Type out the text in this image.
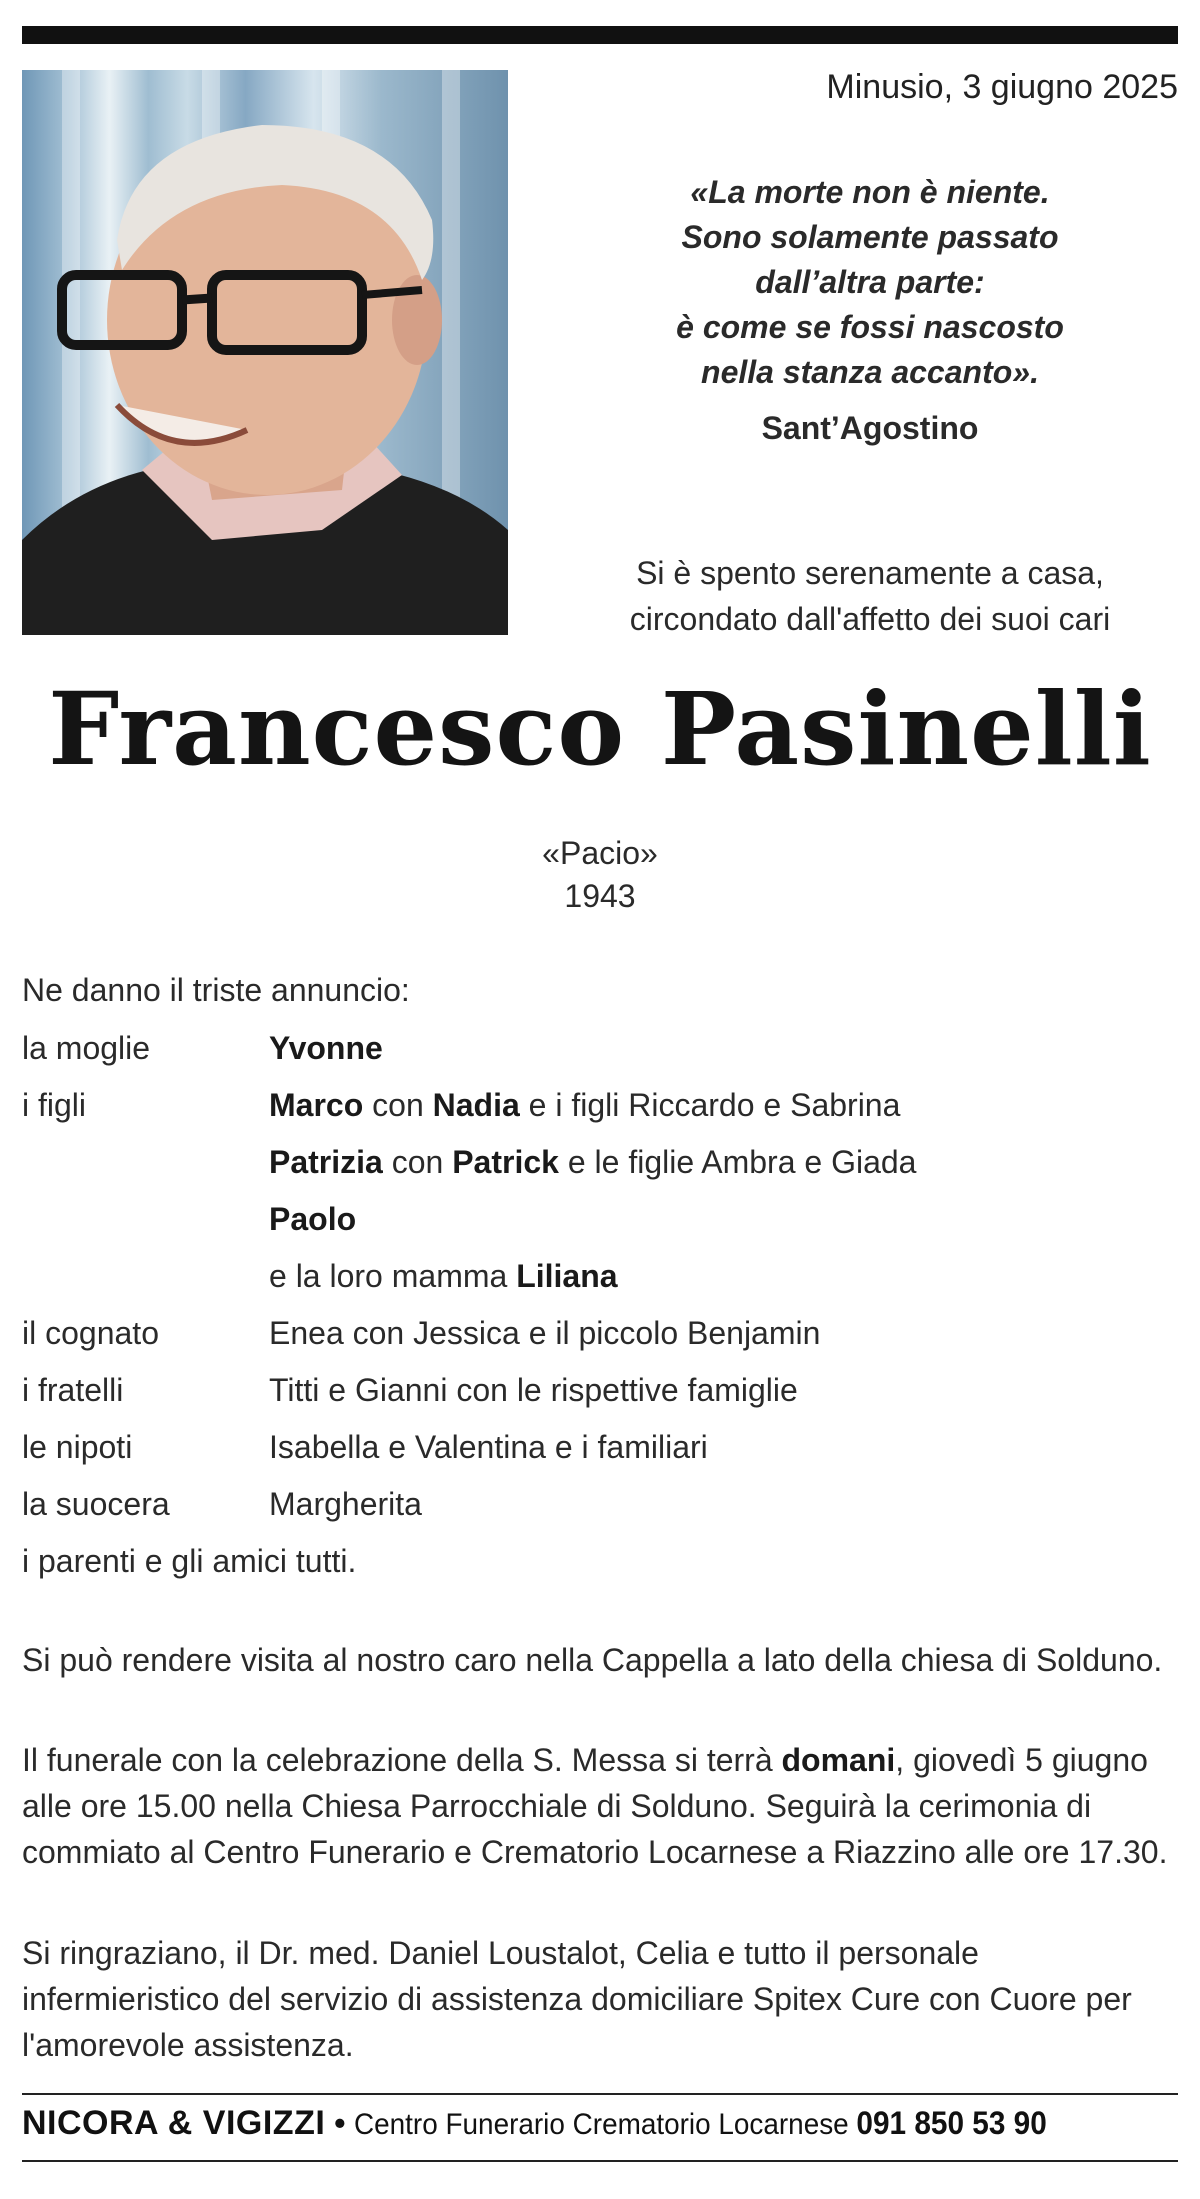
Minusio, 3 giugno 2025
«La morte non è niente.
Sono solamente passato
dall’altra parte:
è come se fossi nascosto
nella stanza accanto».
Sant’Agostino
Si è spento serenamente a casa,
circondato dall'affetto dei suoi cari
Francesco Pasinelli
«Pacio»
1943
Ne danno il triste annuncio:
la moglie	Yvonne
i figli	Marco con Nadia e i figli Riccardo e Sabrina
Patrizia con Patrick e le figlie Ambra e Giada
Paolo
e la loro mamma Liliana
il cognato	Enea con Jessica e il piccolo Benjamin
i fratelli	Titti e Gianni con le rispettive famiglie
le nipoti	Isabella e Valentina e i familiari
la suocera	Margherita
i parenti e gli amici tutti.
Si può rendere visita al nostro caro nella Cappella a lato della chiesa di Solduno.
Il funerale con la celebrazione della S. Messa si terrà domani, giovedì 5 giugno alle ore 15.00 nella Chiesa Parrocchiale di Solduno. Seguirà la cerimonia di commiato al Centro Funerario e Crematorio Locarnese a Riazzino alle ore 17.30.
Si ringraziano, il Dr. med. Daniel Loustalot, Celia e tutto il personale infermieristico del servizio di assistenza domiciliare Spitex Cure con Cuore per l'amorevole assistenza.
NICORA & VIGIZZI • Centro Funerario Crematorio Locarnese 091 850 53 90
